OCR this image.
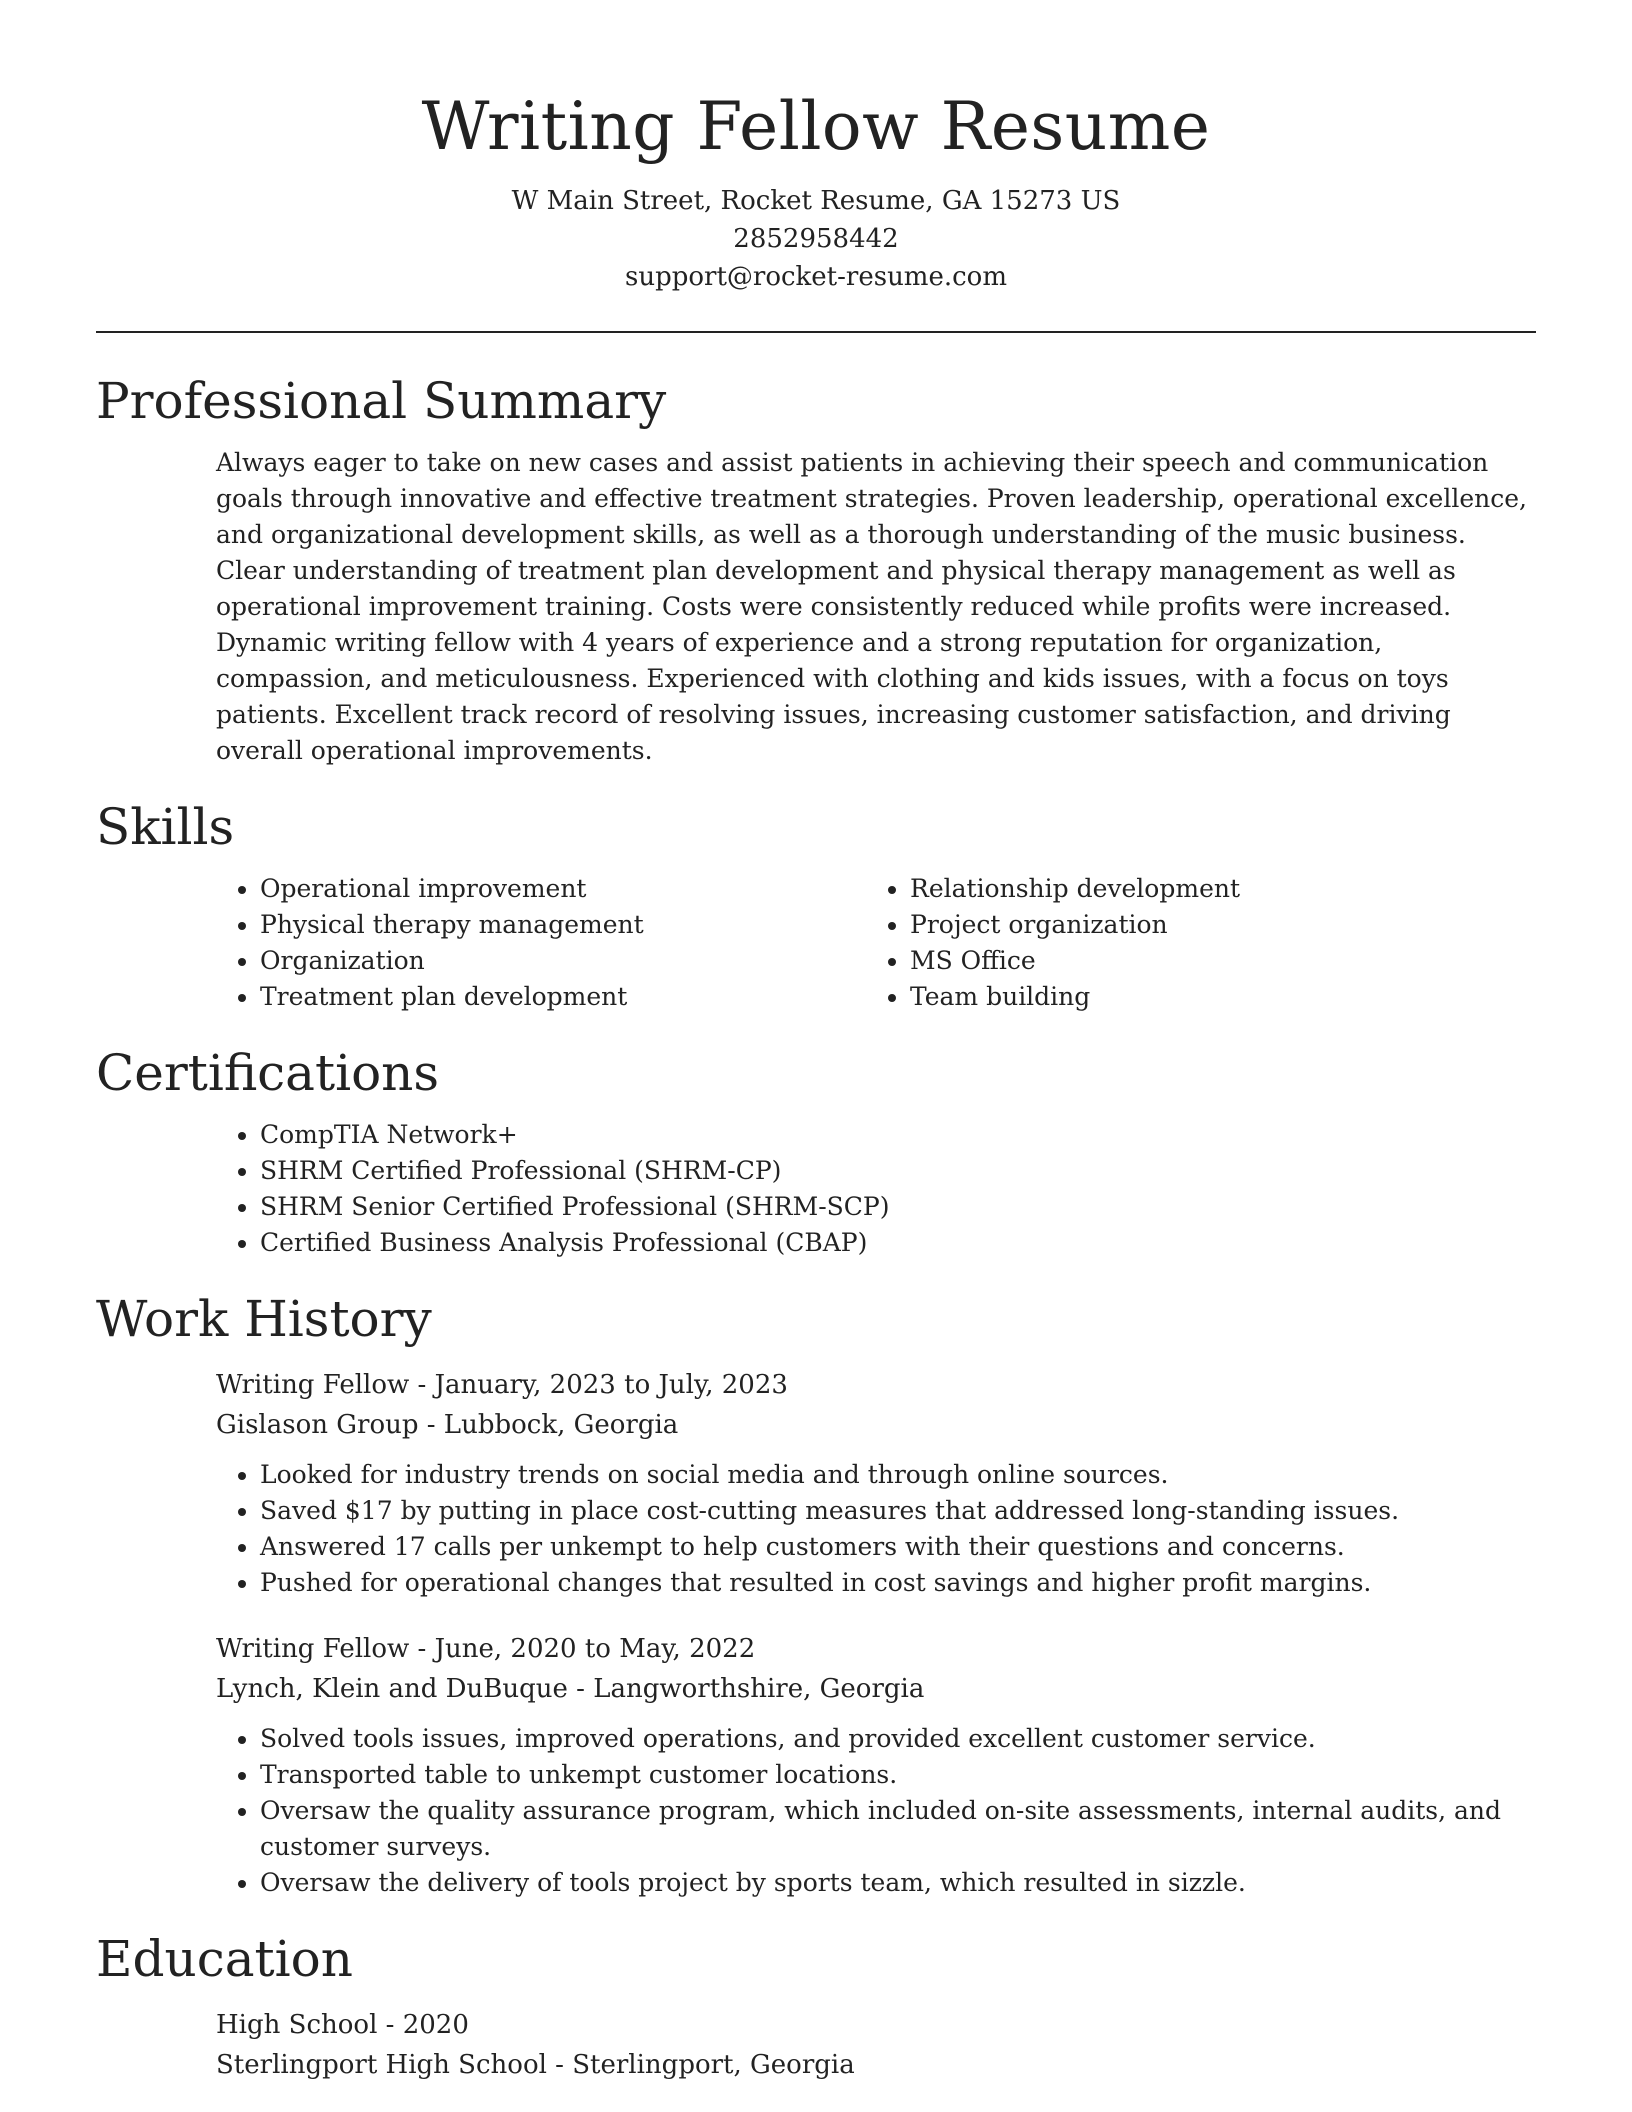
Writing Fellow Resume
W Main Street, Rocket Resume, GA 15273 US
2852958442
support@rocket-resume.com
Professional Summary
Always eager to take on new cases and assist patients in achieving their speech and communication goals through innovative and effective treatment strategies. Proven leadership, operational excellence, and organizational development skills, as well as a thorough understanding of the music business. Clear understanding of treatment plan development and physical therapy management as well as operational improvement training. Costs were consistently reduced while profits were increased. Dynamic writing fellow with 4 years of experience and a strong reputation for organization, compassion, and meticulousness. Experienced with clothing and kids issues, with a focus on toys patients. Excellent track record of resolving issues, increasing customer satisfaction, and driving overall operational improvements.
Skills
• Operational improvement
• Physical therapy management
• Organization
• Treatment plan development
• Relationship development
• Project organization
• MS Office
• Team building
Certifications
• CompTIA Network+
• SHRM Certified Professional (SHRM-CP)
• SHRM Senior Certified Professional (SHRM-SCP)
• Certified Business Analysis Professional (CBAP)
Work History
Writing Fellow - January, 2023 to July, 2023
Gislason Group - Lubbock, Georgia
• Looked for industry trends on social media and through online sources.
• Saved $17 by putting in place cost-cutting measures that addressed long-standing issues.
• Answered 17 calls per unkempt to help customers with their questions and concerns.
• Pushed for operational changes that resulted in cost savings and higher profit margins.
Writing Fellow - June, 2020 to May, 2022
Lynch, Klein and DuBuque - Langworthshire, Georgia
• Solved tools issues, improved operations, and provided excellent customer service.
• Transported table to unkempt customer locations.
• Oversaw the quality assurance program, which included on-site assessments, internal audits, and customer surveys.
• Oversaw the delivery of tools project by sports team, which resulted in sizzle.
Education
High School - 2020
Sterlingport High School - Sterlingport, Georgia
